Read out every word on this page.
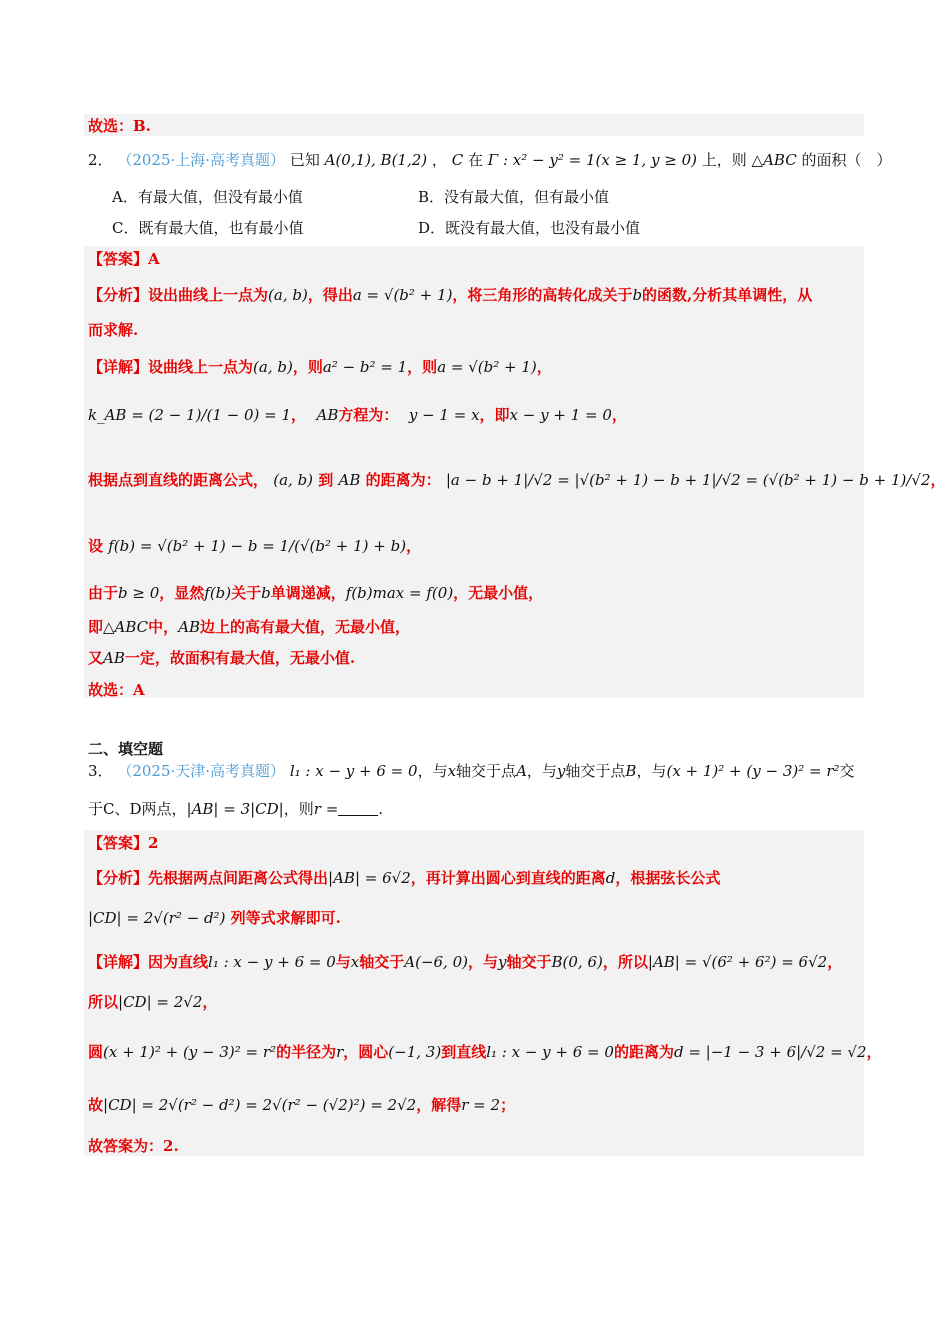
故选：B.
2． （2025·上海·高考真题） 已知 A(0,1), B(1,2) ， C 在 Γ : x² − y² = 1(x ≥ 1, y ≥ 0) 上，则 △ABC 的面积（　）
A．有最大值，但没有最小值	B．没有最大值，但有最小值
C．既有最大值，也有最小值	D．既没有最大值，也没有最小值
【答案】A
【分析】设出曲线上一点为(a, b)，得出a = √(b² + 1)，将三角形的高转化成关于b的函数,分析其单调性，从
而求解.
【详解】设曲线上一点为(a, b)，则a² − b² = 1，则a = √(b² + 1)，
k_AB = (2 − 1)/(1 − 0) = 1， AB方程为： y − 1 = x，即x − y + 1 = 0，
根据点到直线的距离公式， (a, b) 到 AB 的距离为： |a − b + 1|/√2 = |√(b² + 1) − b + 1|/√2 = (√(b² + 1) − b + 1)/√2，
设 f(b) = √(b² + 1) − b = 1/(√(b² + 1) + b)，
由于b ≥ 0，显然f(b)关于b单调递减，f(b)max = f(0)，无最小值，
即△ABC中，AB边上的高有最大值，无最小值，
又AB一定，故面积有最大值，无最小值.
故选：A
二、填空题
3． （2025·天津·高考真题） l₁ : x − y + 6 = 0，与x轴交于点A，与y轴交于点B，与(x + 1)² + (y − 3)² = r²交
于C、D两点，|AB| = 3|CD|，则r =	.
【答案】2
【分析】先根据两点间距离公式得出|AB| = 6√2，再计算出圆心到直线的距离d，根据弦长公式
|CD| = 2√(r² − d²) 列等式求解即可.
【详解】因为直线l₁ : x − y + 6 = 0与x轴交于A(−6, 0)，与y轴交于B(0, 6)，所以|AB| = √(6² + 6²) = 6√2，
所以|CD| = 2√2，
圆(x + 1)² + (y − 3)² = r²的半径为r，圆心(−1, 3)到直线l₁ : x − y + 6 = 0的距离为d = |−1 − 3 + 6|/√2 = √2，
故|CD| = 2√(r² − d²) = 2√(r² − (√2)²) = 2√2，解得r = 2；
故答案为：2.
